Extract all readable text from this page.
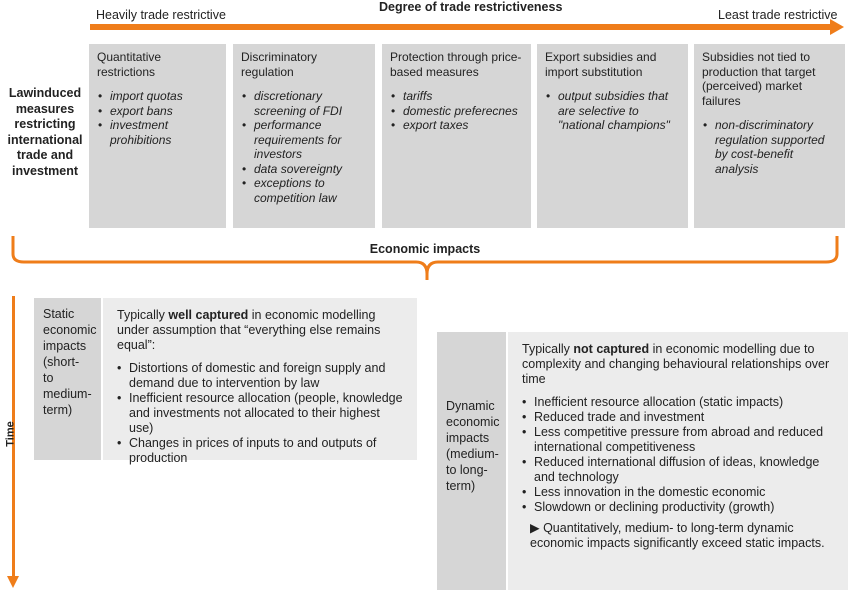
Heavily trade restrictive
Degree of trade restrictiveness
Least trade restrictive
Lawinduced measures restricting international trade and investment
Quantitative restrictions
• import quotas
• export bans
• investment prohibitions
Discriminatory regulation
• discretionary screening of FDI
• performance requirements for investors
• data sovereignty
• exceptions to competition law
Protection through price-based measures
• tariffs
• domestic preferecnes
• export taxes
Export subsidies and import substitution
• output subsidies that are selective to "national champions"
Subsidies not tied to production that target (perceived) market failures
• non-discriminatory regulation supported by cost-benefit analysis
Economic impacts
Time
Static economic impacts (short- to medium-term)
Typically well captured in economic modelling under assumption that “everything else remains equal”:
• Distortions of domestic and foreign supply and demand due to intervention by law
• Inefficient resource allocation (people, knowledge and investments not allocated to their highest use)
• Changes in prices of inputs to and outputs of production
Dynamic economic impacts (medium- to long-term)
Typically not captured in economic modelling due to complexity and changing behavioural relationships over time
• Inefficient resource allocation (static impacts)
• Reduced trade and investment
• Less competitive pressure from abroad and reduced international competitiveness
• Reduced international diffusion of ideas, knowledge and technology
• Less innovation in the domestic economic
• Slowdown or declining productivity (growth)
▶ Quantitatively, medium- to long-term dynamic economic impacts significantly exceed static impacts.
